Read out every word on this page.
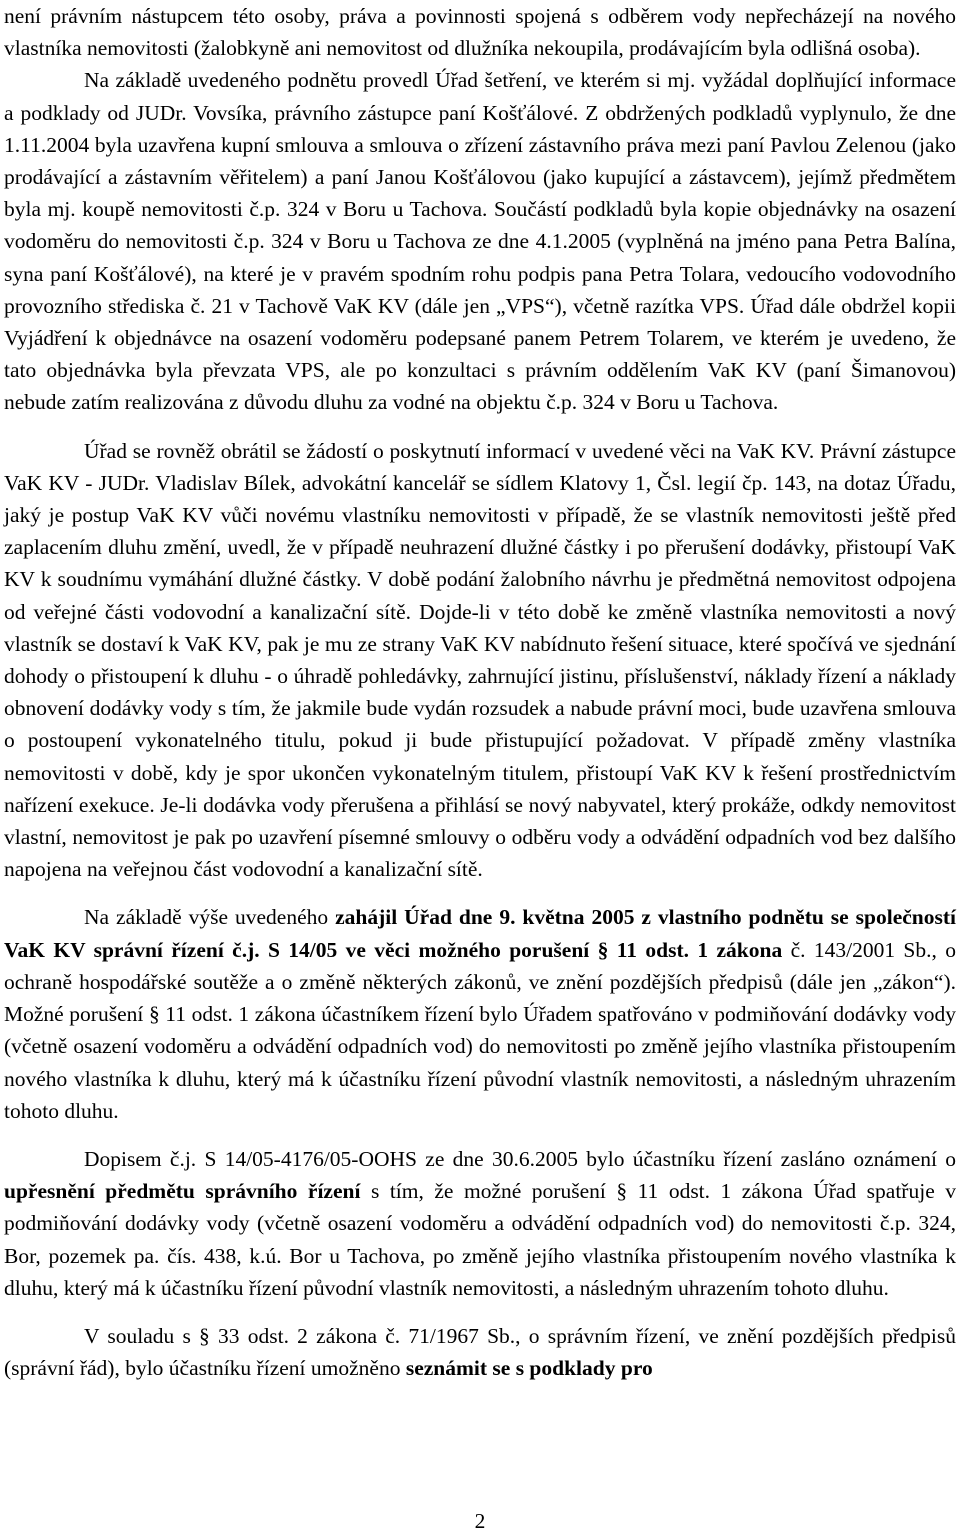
není právním nástupcem této osoby, práva a povinnosti spojená s odběrem vody nepřecházejí na nového vlastníka nemovitosti (žalobkyně ani nemovitost od dlužníka nekoupila, prodávajícím byla odlišná osoba).

Na základě uvedeného podnětu provedl Úřad šetření, ve kterém si mj. vyžádal doplňující informace a podklady od JUDr. Vovsíka, právního zástupce paní Košťálové. Z obdržených podkladů vyplynulo, že dne 1.11.2004 byla uzavřena kupní smlouva a smlouva o zřízení zástavního práva mezi paní Pavlou Zelenou (jako prodávající a zástavním věřitelem) a paní Janou Košťálovou (jako kupující a zástavcem), jejímž předmětem byla mj. koupě nemovitosti č.p. 324 v Boru u Tachova. Součástí podkladů byla kopie objednávky na osazení vodoměru do nemovitosti č.p. 324 v Boru u Tachova ze dne 4.1.2005 (vyplněná na jméno pana Petra Balína, syna paní Košťálové), na které je v pravém spodním rohu podpis pana Petra Tolara, vedoucího vodovodního provozního střediska č. 21 v Tachově VaK KV (dále jen „VPS“), včetně razítka VPS. Úřad dále obdržel kopii Vyjádření k objednávce na osazení vodoměru podepsané panem Petrem Tolarem, ve kterém je uvedeno, že tato objednávka byla převzata VPS, ale po konzultaci s právním oddělením VaK KV (paní Šimanovou) nebude zatím realizována z důvodu dluhu za vodné na objektu č.p. 324 v Boru u Tachova.

Úřad se rovněž obrátil se žádostí o poskytnutí informací v uvedené věci na VaK KV. Právní zástupce VaK KV - JUDr. Vladislav Bílek, advokátní kancelář se sídlem Klatovy 1, Čsl. legií čp. 143, na dotaz Úřadu, jaký je postup VaK KV vůči novému vlastníku nemovitosti v případě, že se vlastník nemovitosti ještě před zaplacením dluhu změní, uvedl, že v případě neuhrazení dlužné částky i po přerušení dodávky, přistoupí VaK KV k soudnímu vymáhání dlužné částky. V době podání žalobního návrhu je předmětná nemovitost odpojena od veřejné části vodovodní a kanalizační sítě. Dojde-li v této době ke změně vlastníka nemovitosti a nový vlastník se dostaví k VaK KV, pak je mu ze strany VaK KV nabídnuto řešení situace, které spočívá ve sjednání dohody o přistoupení k dluhu - o úhradě pohledávky, zahrnující jistinu, příslušenství, náklady řízení a náklady obnovení dodávky vody s tím, že jakmile bude vydán rozsudek a nabude právní moci, bude uzavřena smlouva o postoupení vykonatelného titulu, pokud ji bude přistupující požadovat. V případě změny vlastníka nemovitosti v době, kdy je spor ukončen vykonatelným titulem, přistoupí VaK KV k řešení prostřednictvím nařízení exekuce. Je-li dodávka vody přerušena a přihlásí se nový nabyvatel, který prokáže, odkdy nemovitost vlastní, nemovitost je pak po uzavření písemné smlouvy o odběru vody a odvádění odpadních vod bez dalšího napojena na veřejnou část vodovodní a kanalizační sítě.

Na základě výše uvedeného zahájil Úřad dne 9. května 2005 z vlastního podnětu se společností VaK KV správní řízení č.j. S 14/05 ve věci možného porušení § 11 odst. 1 zákona č. 143/2001 Sb., o ochraně hospodářské soutěže a o změně některých zákonů, ve znění pozdějších předpisů (dále jen „zákon“). Možné porušení § 11 odst. 1 zákona účastníkem řízení bylo Úřadem spatřováno v podmiňování dodávky vody (včetně osazení vodoměru a odvádění odpadních vod) do nemovitosti po změně jejího vlastníka přistoupením nového vlastníka k dluhu, který má k účastníku řízení původní vlastník nemovitosti, a následným uhrazením tohoto dluhu.

Dopisem č.j. S 14/05-4176/05-OOHS ze dne 30.6.2005 bylo účastníku řízení zasláno oznámení o upřesnění předmětu správního řízení s tím, že možné porušení § 11 odst. 1 zákona Úřad spatřuje v podmiňování dodávky vody (včetně osazení vodoměru a odvádění odpadních vod) do nemovitosti č.p. 324, Bor, pozemek pa. čís. 438, k.ú. Bor u Tachova, po změně jejího vlastníka přistoupením nového vlastníka k dluhu, který má k účastníku řízení původní vlastník nemovitosti, a následným uhrazením tohoto dluhu.

V souladu s § 33 odst. 2 zákona č. 71/1967 Sb., o správním řízení, ve znění pozdějších předpisů (správní řád), bylo účastníku řízení umožněno seznámit se s podklady pro

2
